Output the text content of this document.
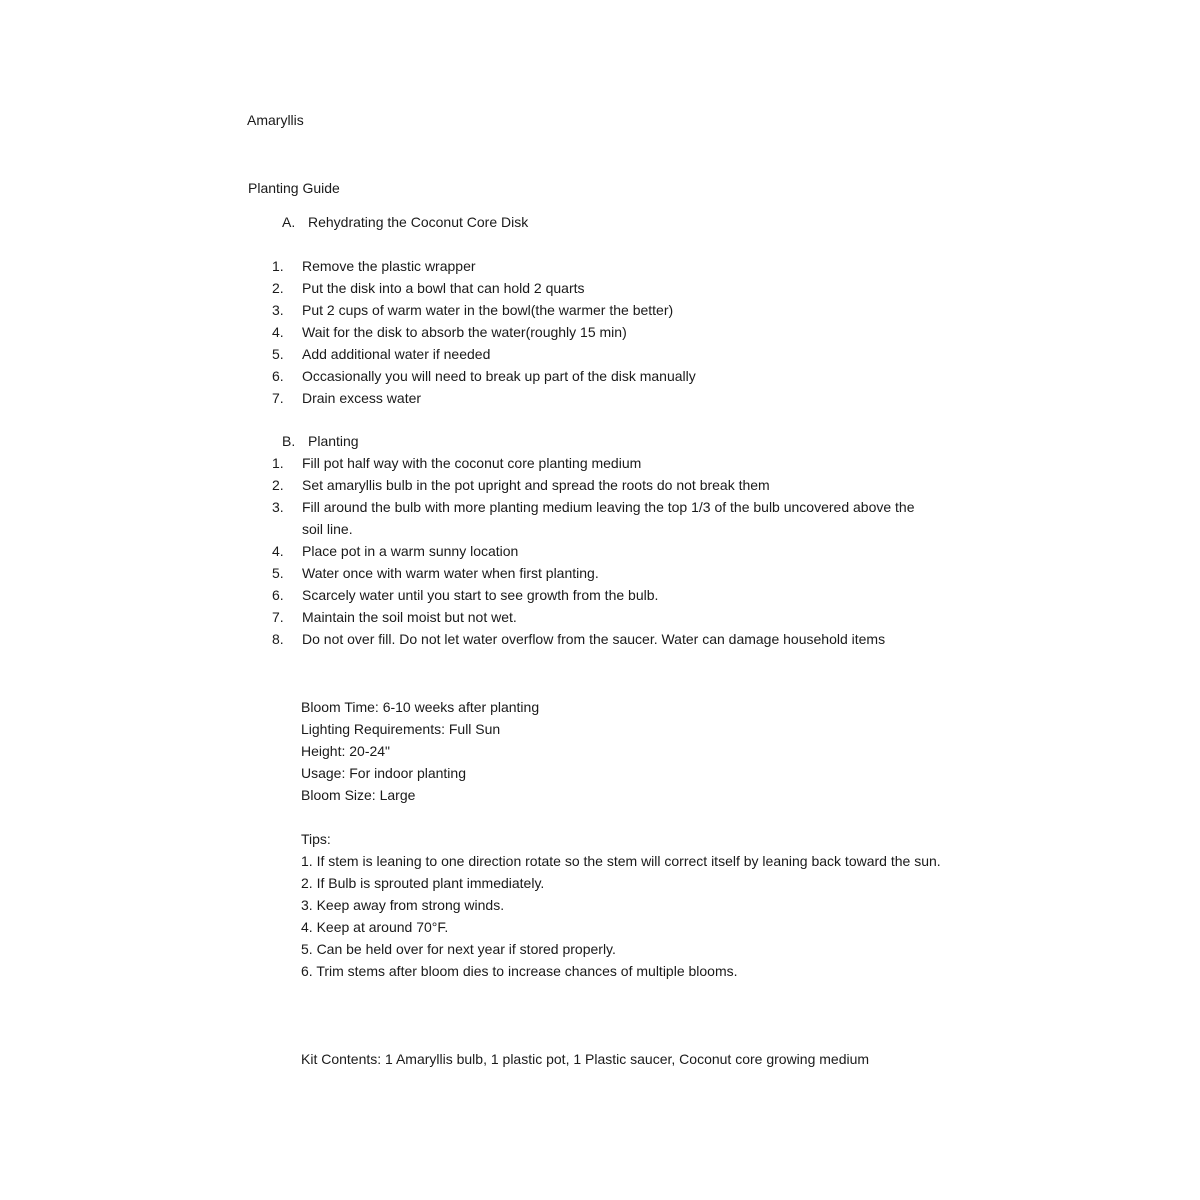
Amaryllis
Planting Guide
A. Rehydrating the Coconut Core Disk
1. Remove the plastic wrapper
2. Put the disk into a bowl that can hold 2 quarts
3. Put 2 cups of warm water in the bowl(the warmer the better)
4. Wait for the disk to absorb the water(roughly 15 min)
5. Add additional water if needed
6. Occasionally you will need to break up part of the disk manually
7. Drain excess water
B. Planting
1. Fill pot half way with the coconut core planting medium
2. Set amaryllis bulb in the pot upright and spread the roots do not break them
3. Fill around the bulb with more planting medium leaving the top 1/3 of the bulb uncovered above the soil line.
4. Place pot in a warm sunny location
5. Water once with warm water when first planting.
6. Scarcely water until you start to see growth from the bulb.
7. Maintain the soil moist but not wet.
8. Do not over fill. Do not let water overflow from the saucer. Water can damage household items
Bloom Time: 6-10 weeks after planting
Lighting Requirements: Full Sun
Height: 20-24"
Usage: For indoor planting
Bloom Size: Large
Tips:
1. If stem is leaning to one direction rotate so the stem will correct itself by leaning back toward the sun.
2. If Bulb is sprouted plant immediately.
3. Keep away from strong winds.
4. Keep at around 70°F.
5. Can be held over for next year if stored properly.
6. Trim stems after bloom dies to increase chances of multiple blooms.
Kit Contents: 1 Amaryllis bulb, 1 plastic pot, 1 Plastic saucer, Coconut core growing medium
